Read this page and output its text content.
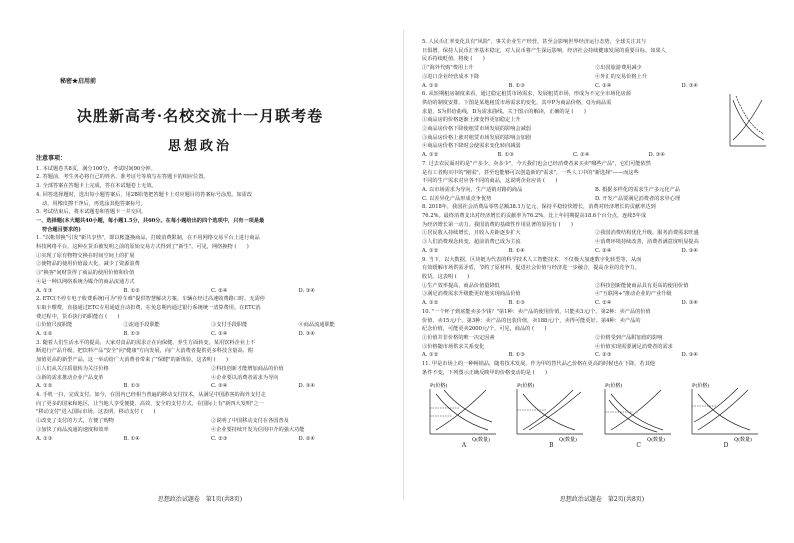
秘密★启用前
决胜新高考·名校交流十一月联考卷
思想政治

注意事项：

1. 本试题卷共8页，满分100分，考试时间90分钟。

2. 答题前，考生务必将自己的姓名、准考证号等填写在答题卡的相应位置。

3. 全部答案在答题卡上完成，答在本试题卷上无效。

4. 回答选择题时，选出每小题答案后，用2B铅笔把答题卡上对应题目的答案标号涂黑。如需改

动，用橡皮擦干净后，再选涂其他答案标号。

5. 考试结束后，将本试题卷和答题卡一并交回。

一、选择题(本大题共40小题，每小题1.5分，共60分。在每小题给出的四个选项中，只有一项是最

符合题目要求的)

1. "以帐带换"引发"新共享热"，即以帐篷换商品，打破消费限制，在不用网络交易平台上进行商品

科技网络平台，这种在货币被发明之前的原始交易方式得到了"新生"。可见，网络换物 (　　)

①实现了原有物物交换在时间空间上的扩展

②使物品的使用价值最大化，减少了资源浪费

③"换客"间财货得了商品的使用价值和价值

④是一种以网络系统为媒介的商品流通方式

A. ①③	B. ①②	C. ②④	D. ③④

2. ETC(不停车电子收费系统)可为"停车难"提供智慧解决方案。车辆在经过高速收费路口时，无需停

车取卡缴费，直接通过ETC专用通道自动扣费，在免息期内通过银行系统统一清算费用。在ETC消

费过程中，货币执行的职能有 (　　)

①价值尺度职能	②流通手段职能	③支付手段职能	④商品流通职能
A. ①②	B. ①③	C. ②④	D. ③④

3. 随着人们生活水平的提高，大家对食品的需求正在向保健、养生方面转变。某用饮料企业上不

断进行产品升级，把饮料产品"安全"向"健康"方向发展，向广大消费者提供更多科技含量高、附

加值更高的新型产品，这一举动给广大消费者带来了"保健"的新体验。这表明 (　　)

①人们从关注质量转为关注价格	②科技创新才能增加商品的价值
③新的需求推动企业产品变革	④企业要以消费者需求为导向
A. ①②	B. ①③	C. ②④	D. ③④

4. 手机一扫，完成支付。如今，在国内已经相当普遍的移动支付技术，从满足中国游客的海外支付走

向了更多的国家和地区，让当地人享受便捷、高效、安全的支付方式，在国际上有"新四大发明"之一

"移动支付"进入国际市场。这表明，移动支付 (　　)

①改变了支付的方式，方便了购物	②说明了中国移动支付在各国普及
③加快了商品流通的速度和效率	④企业要持续开发为信用中介的强大功能
A. ①③	B. ①④	C. ②③	D. ②④
思想政治试题卷　第1页(共8页)

5. 人民币汇率变化具有"风险"，事关企业生产经营，甚至会影响世界经济运行态势，全球关注其与

日俱增。保持人民币汇率基本稳定，对人民币将产生深远影响，经济社会持续健康发展的重要目标。如果人

民币持续贬值，将使 (　　)

①"海外代购"费用上升	②出国旅游费用减少
③进口企业经营成本下降	④外汇的交易价格上升
A. ①②	B. ①③	C. ①④	D. ③④

6. 从短期租房制度来看，通过稳定租赁市场需求，发展租赁市场，形成为不完全市场化房源

供给的制度安排。下图是某地租赁市场需求的变化，其中P为商品价格，Q为商品需

求量，S为供给曲线，D为需求曲线。关于图示的解读，正确的是 (　　)

①商品房的价格逐渐上涨变得更加稳定上升

②商品房价格下降使租赁市场发展的影响会减弱

③商品房价格上涨对租赁市场发展的影响会加剧

④商品房价格下降时会使需求变化转向减弱

A. ①②	B. ①③	C. ②④	D. ③④

7. 过去农民面对的是"产多少、卖多少"，今天我们也会已经消费者来买卖"哪些产品"，它们可能依然

是有工者购买中的"刚需"，甚至也能够可以创造新的"需求"，一些人工中的"新选择"——而这些

不同的生产需求对应各不同的商品，这说明企业应该 (　　)

A. 以市场需求为导向，生产适销对路的商品	B. 根据多样化的需求生产多元化产品
C. 以差异化产品形成竞争优势	D. 开发产品要满足消费者的求异心理

8. 2018年，我国社会消费品零售总额38.1万亿元，保持平稳较快增长，消费对经济增长的贡献率达到

76.2%。最终消费支出对经济增长的贡献率为76.2%，比上年同期提高18.6个百分点，连续5年成

为经济增长第一动力。我国消费的基础性作用显著的原因有 (　　)

①居民收入持续增长，且收入差距逐步扩大	②我国消费结构优化升级，服务消费需求旺盛
③人们消费观念转变，超前消费已成为主流	④消费环境持续改善，消费者满意度明显提高
A. ①②	B. ①④	C. ②④	D. ③④

9. 当下，以大数据、区块链为代表的科学技术人工智能技术、不仅极大加速数字化转型等，从而

有效缓解市场供需矛盾，节约了原材料，促进社会价值与经济进一步融合，提高企业的竞争力。

收货。这表明 (　　)

①生产效率提高，商品价值量降低	②科技创新能使商品具有更高的使用价值
③满足消费需求升级能更好地实现商品价值	④"互联网+"推动企业的产业升级
A. ①②	B. ①③	C. ②④	D. ③④

10. "一个杯子到底能卖多少钱？"第1种：卖产品的使用价值，只能卖3元/个。第2种：卖产品的价值

价值，卖15元/个。第3种：卖产品的包装价值，卖188元/个，卖得可能更好。第4种：卖产品的

纪念价值，可能更卖2000元/个。可见，商品的 (　　)

①价值并非价格的唯一决定因素	②价格受到产品附加值的影响
③价格随市场供求关系变化	④价值实现需要满足消费者的需求
A. ①②	B. ①③	C. ②③	D. ③④

11. 甲是市场上的一种畅销品，随着技术发展，作为甲的替代品乙价格在更高的时候也在下降。若其他

条件不变，下列图示正确反映甲的价格变动的是 (　　)

P(价格)
Q(数量)
A
P(价格)
Q(数量)
B
P(价格)
Q(数量)
C
P(价格)
Q(数量)
D
思想政治试题卷　第2页(共8页)
